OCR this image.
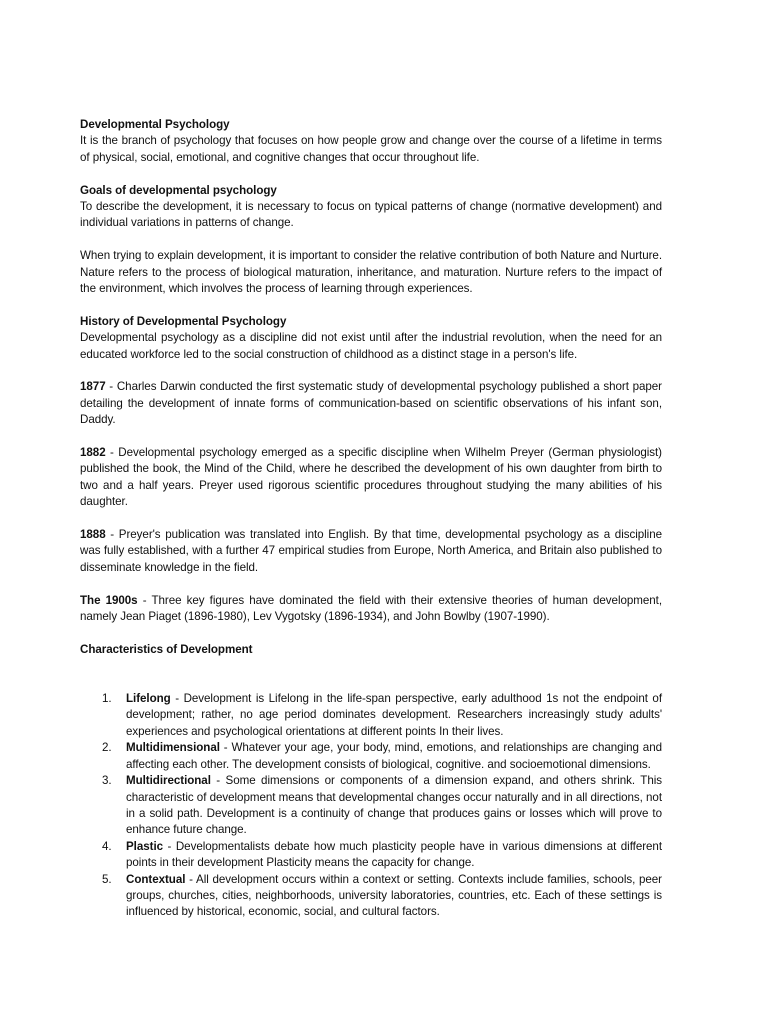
Developmental Psychology

It is the branch of psychology that focuses on how people grow and change over the course of a lifetime in terms of physical, social, emotional, and cognitive changes that occur throughout life.

Goals of developmental psychology

To describe the development, it is necessary to focus on typical patterns of change (normative development) and individual variations in patterns of change.

When trying to explain development, it is important to consider the relative contribution of both Nature and Nurture. Nature refers to the process of biological maturation, inheritance, and maturation. Nurture refers to the impact of the environment, which involves the process of learning through experiences.

History of Developmental Psychology

Developmental psychology as a discipline did not exist until after the industrial revolution, when the need for an educated workforce led to the social construction of childhood as a distinct stage in a person's life.

1877 - Charles Darwin conducted the first systematic study of developmental psychology published a short paper detailing the development of innate forms of communication-based on scientific observations of his infant son, Daddy.

1882 - Developmental psychology emerged as a specific discipline when Wilhelm Preyer (German physiologist) published the book, the Mind of the Child, where he described the development of his own daughter from birth to two and a half years. Preyer used rigorous scientific procedures throughout studying the many abilities of his daughter.

1888 - Preyer's publication was translated into English. By that time, developmental psychology as a discipline was fully established, with a further 47 empirical studies from Europe, North America, and Britain also published to disseminate knowledge in the field.

The 1900s - Three key figures have dominated the field with their extensive theories of human development, namely Jean Piaget (1896-1980), Lev Vygotsky (1896-1934), and John Bowlby (1907-1990).

Characteristics of Development

1. Lifelong - Development is Lifelong in the life-span perspective, early adulthood 1s not the endpoint of development; rather, no age period dominates development. Researchers increasingly study adults' experiences and psychological orientations at different points In their lives.
2. Multidimensional - Whatever your age, your body, mind, emotions, and relationships are changing and affecting each other. The development consists of biological, cognitive. and socioemotional dimensions.
3. Multidirectional - Some dimensions or components of a dimension expand, and others shrink. This characteristic of development means that developmental changes occur naturally and in all directions, not in a solid path. Development is a continuity of change that produces gains or losses which will prove to enhance future change.
4. Plastic - Developmentalists debate how much plasticity people have in various dimensions at different points in their development Plasticity means the capacity for change.
5. Contextual - All development occurs within a context or setting. Contexts include families, schools, peer groups, churches, cities, neighborhoods, university laboratories, countries, etc. Each of these settings is influenced by historical, economic, social, and cultural factors.
